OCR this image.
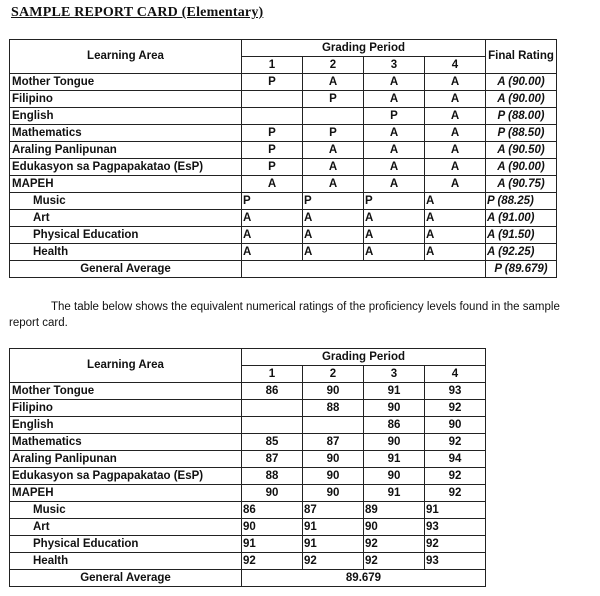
SAMPLE REPORT CARD (Elementary)
Learning Area	Grading Period				Final Rating
	1	2	3	4	
Mother Tongue	P	A	A	A	A (90.00)
Filipino		P	A	A	A (90.00)
English			P	A	P (88.00)
Mathematics	P	P	A	A	P (88.50)
Araling Panlipunan	P	A	A	A	A (90.50)
Edukasyon sa Pagpapakatao (EsP)	P	A	A	A	A (90.00)
MAPEH	A	A	A	A	A (90.75)
Music	P	P	P	A	P (88.25)
Art	A	A	A	A	A (91.00)
Physical Education	A	A	A	A	A (91.50)
Health	A	A	A	A	A (92.25)
General Average					P (89.679)
The table below shows the equivalent numerical ratings of the proficiency levels found in the sample report card.
Learning Area	Grading Period			
	1	2	3	4
Mother Tongue	86	90	91	93
Filipino		88	90	92
English			86	90
Mathematics	85	87	90	92
Araling Panlipunan	87	90	91	94
Edukasyon sa Pagpapakatao (EsP)	88	90	90	92
MAPEH	90	90	91	92
Music	86	87	89	91
Art	90	91	90	93
Physical Education	91	91	92	92
Health	92	92	92	93
General Average	89.679			
